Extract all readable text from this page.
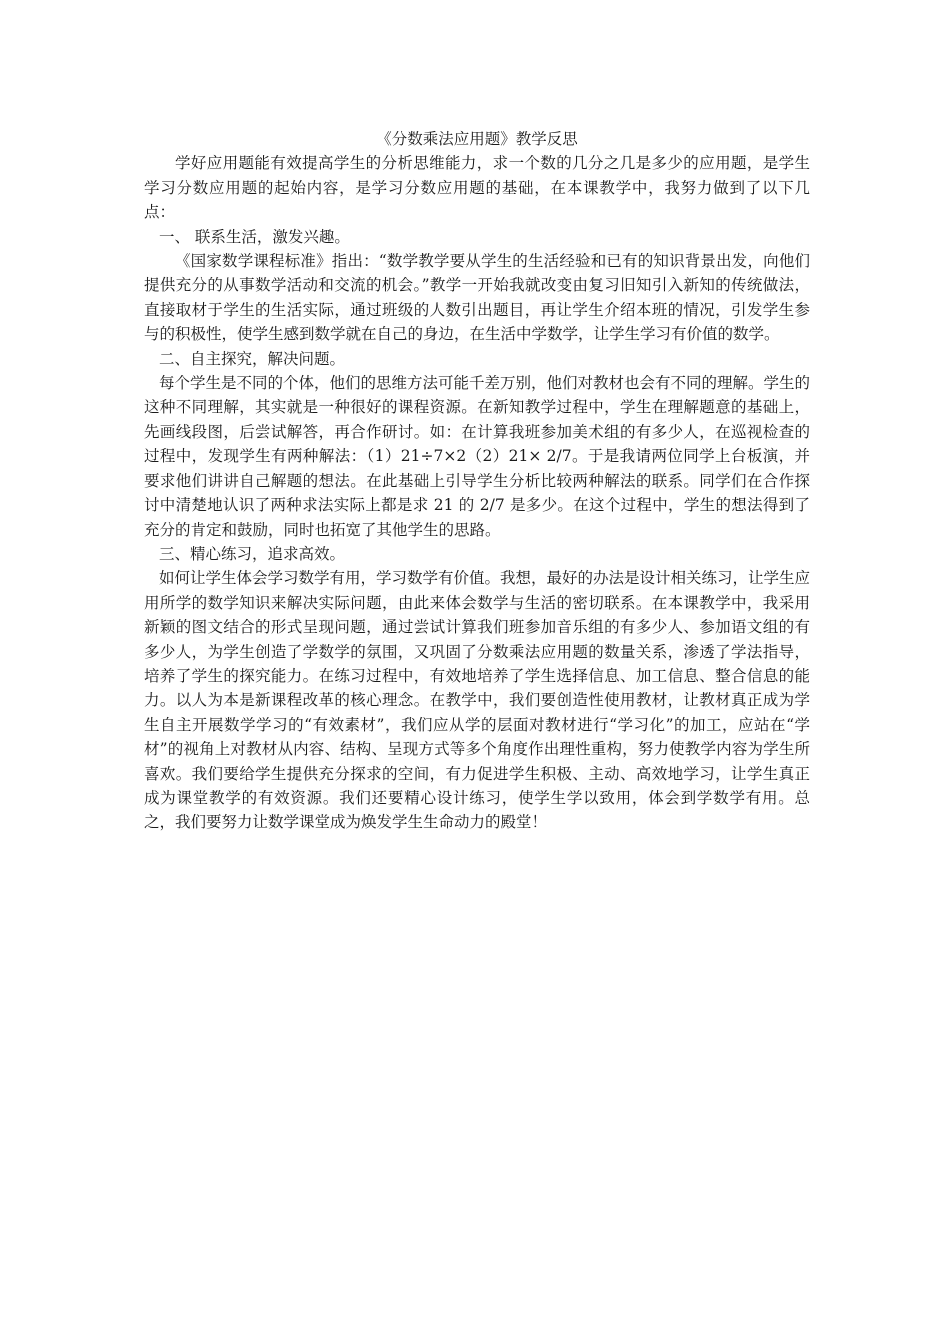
《分数乘法应用题》教学反思

学好应用题能有效提高学生的分析思维能力，求一个数的几分之几是多少的应用题，是学生学习分数应用题的起始内容，是学习分数应用题的基础，在本课教学中，我努力做到了以下几点：

一、 联系生活，激发兴趣。

《国家数学课程标准》指出：“数学教学要从学生的生活经验和已有的知识背景出发，向他们提供充分的从事数学活动和交流的机会。”教学一开始我就改变由复习旧知引入新知的传统做法，直接取材于学生的生活实际，通过班级的人数引出题目，再让学生介绍本班的情况，引发学生参与的积极性，使学生感到数学就在自己的身边，在生活中学数学，让学生学习有价值的数学。

二、自主探究，解决问题。

每个学生是不同的个体，他们的思维方法可能千差万别，他们对教材也会有不同的理解。学生的这种不同理解，其实就是一种很好的课程资源。在新知教学过程中，学生在理解题意的基础上，先画线段图，后尝试解答，再合作研讨。如：在计算我班参加美术组的有多少人，在巡视检查的过程中，发现学生有两种解法：（1）21÷7×2（2）21× 2/7。于是我请两位同学上台板演，并要求他们讲讲自己解题的想法。在此基础上引导学生分析比较两种解法的联系。同学们在合作探讨中清楚地认识了两种求法实际上都是求 21 的 2/7 是多少。在这个过程中，学生的想法得到了充分的肯定和鼓励，同时也拓宽了其他学生的思路。

三、精心练习，追求高效。

如何让学生体会学习数学有用，学习数学有价值。我想，最好的办法是设计相关练习，让学生应用所学的数学知识来解决实际问题，由此来体会数学与生活的密切联系。在本课教学中，我采用新颖的图文结合的形式呈现问题，通过尝试计算我们班参加音乐组的有多少人、参加语文组的有多少人，为学生创造了学数学的氛围，又巩固了分数乘法应用题的数量关系，渗透了学法指导，培养了学生的探究能力。在练习过程中，有效地培养了学生选择信息、加工信息、整合信息的能力。以人为本是新课程改革的核心理念。在教学中，我们要创造性使用教材，让教材真正成为学生自主开展数学学习的“有效素材”，我们应从学的层面对教材进行“学习化”的加工，应站在“学材”的视角上对教材从内容、结构、呈现方式等多个角度作出理性重构，努力使教学内容为学生所喜欢。我们要给学生提供充分探求的空间，有力促进学生积极、主动、高效地学习，让学生真正成为课堂教学的有效资源。我们还要精心设计练习，使学生学以致用，体会到学数学有用。总之，我们要努力让数学课堂成为焕发学生生命动力的殿堂！
